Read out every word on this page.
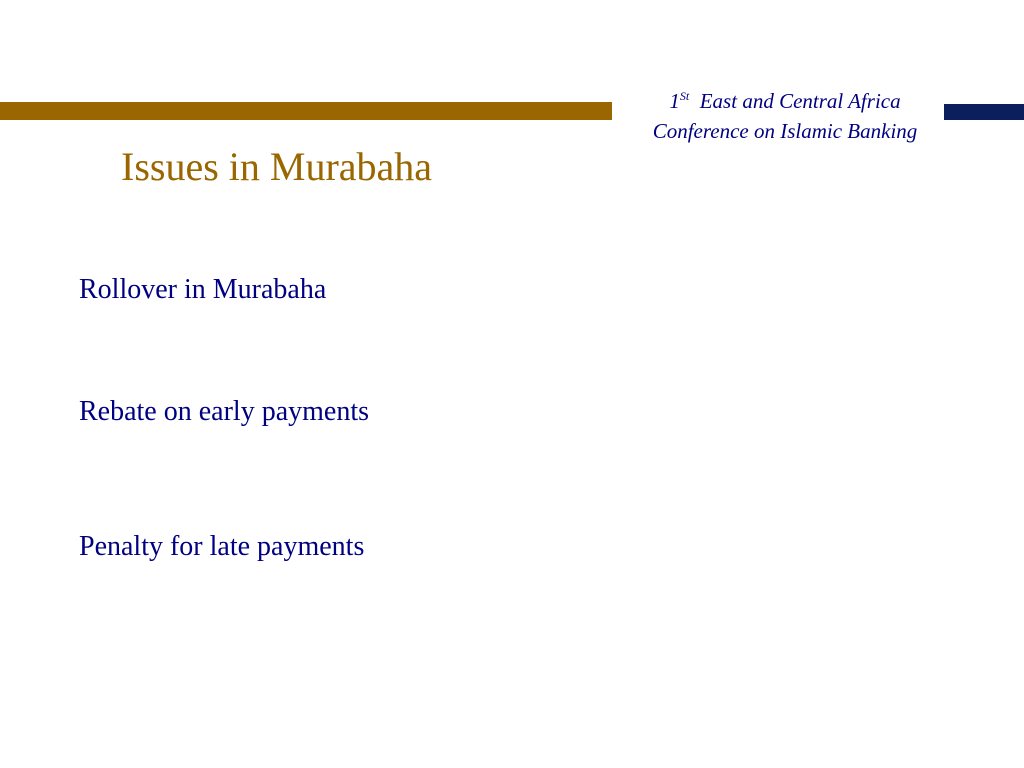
1St East and Central Africa
Conference on Islamic Banking
Issues in Murabaha

Rollover in Murabaha

Rebate on early payments

Penalty for late payments
